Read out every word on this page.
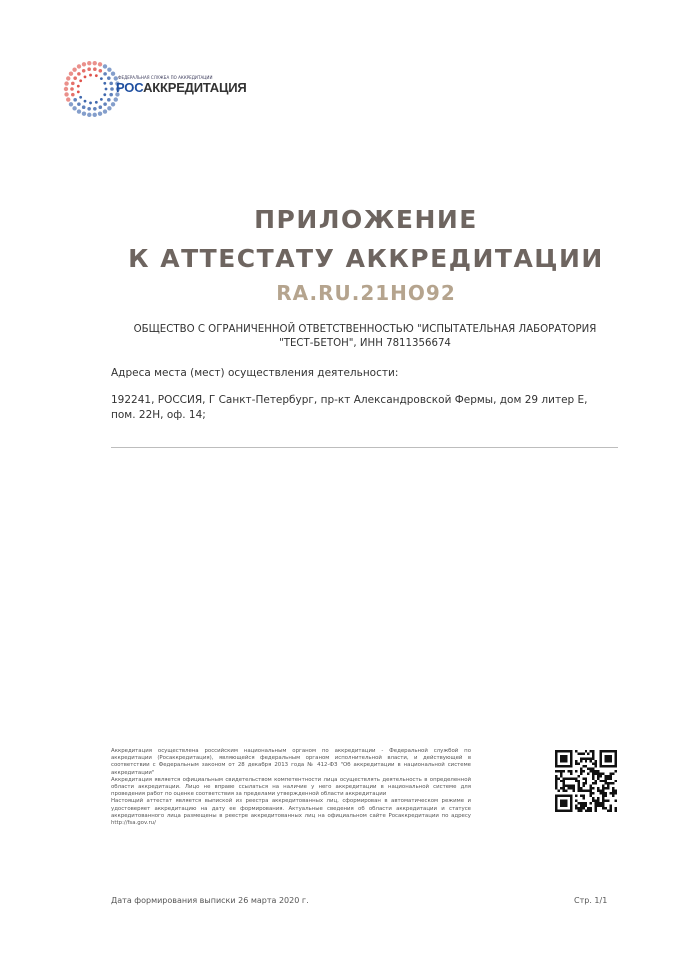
ФЕДЕРАЛЬНАЯ СЛУЖБА ПО АККРЕДИТАЦИИ
РОСАККРЕДИТАЦИЯ
ПРИЛОЖЕНИЕ
К АТТЕСТАТУ АККРЕДИТАЦИИ
RA.RU.21HO92
ОБЩЕСТВО С ОГРАНИЧЕННОЙ ОТВЕТСТВЕННОСТЬЮ "ИСПЫТАТЕЛЬНАЯ ЛАБОРАТОРИЯ "ТЕСТ-БЕТОН", ИНН 7811356674
Адреса места (мест) осуществления деятельности:
192241, РОССИЯ, Г Санкт-Петербург, пр-кт Александровской Фермы, дом 29 литер Е, пом. 22Н, оф. 14;

Аккредитация осуществлена российским национальным органом по аккредитации - Федеральной службой по аккредитации (Росаккредитация), являющейся федеральным органом исполнительной власти, и действующей в соответствии с Федеральным законом от 28 декабря 2013 года № 412-ФЗ "Об аккредитации в национальной системе аккредитации"

Аккредитация является официальным свидетельством компетентности лица осуществлять деятельность в определенной области аккредитации. Лицо не вправе ссылаться на наличие у него аккредитации в национальной системе для проведения работ по оценке соответствия за пределами утвержденной области аккредитации

Настоящий аттестат является выпиской из реестра аккредитованных лиц, сформирован в автоматическом режиме и удостоверяет аккредитацию на дату ее формирования. Актуальные сведения об области аккредитации и статусе аккредитованного лица размещены в реестре аккредитованных лиц на официальном сайте Росаккредитации по адресу http://fsa.gov.ru/

Дата формирования выписки 26 марта 2020 г.	Стр. 1/1
